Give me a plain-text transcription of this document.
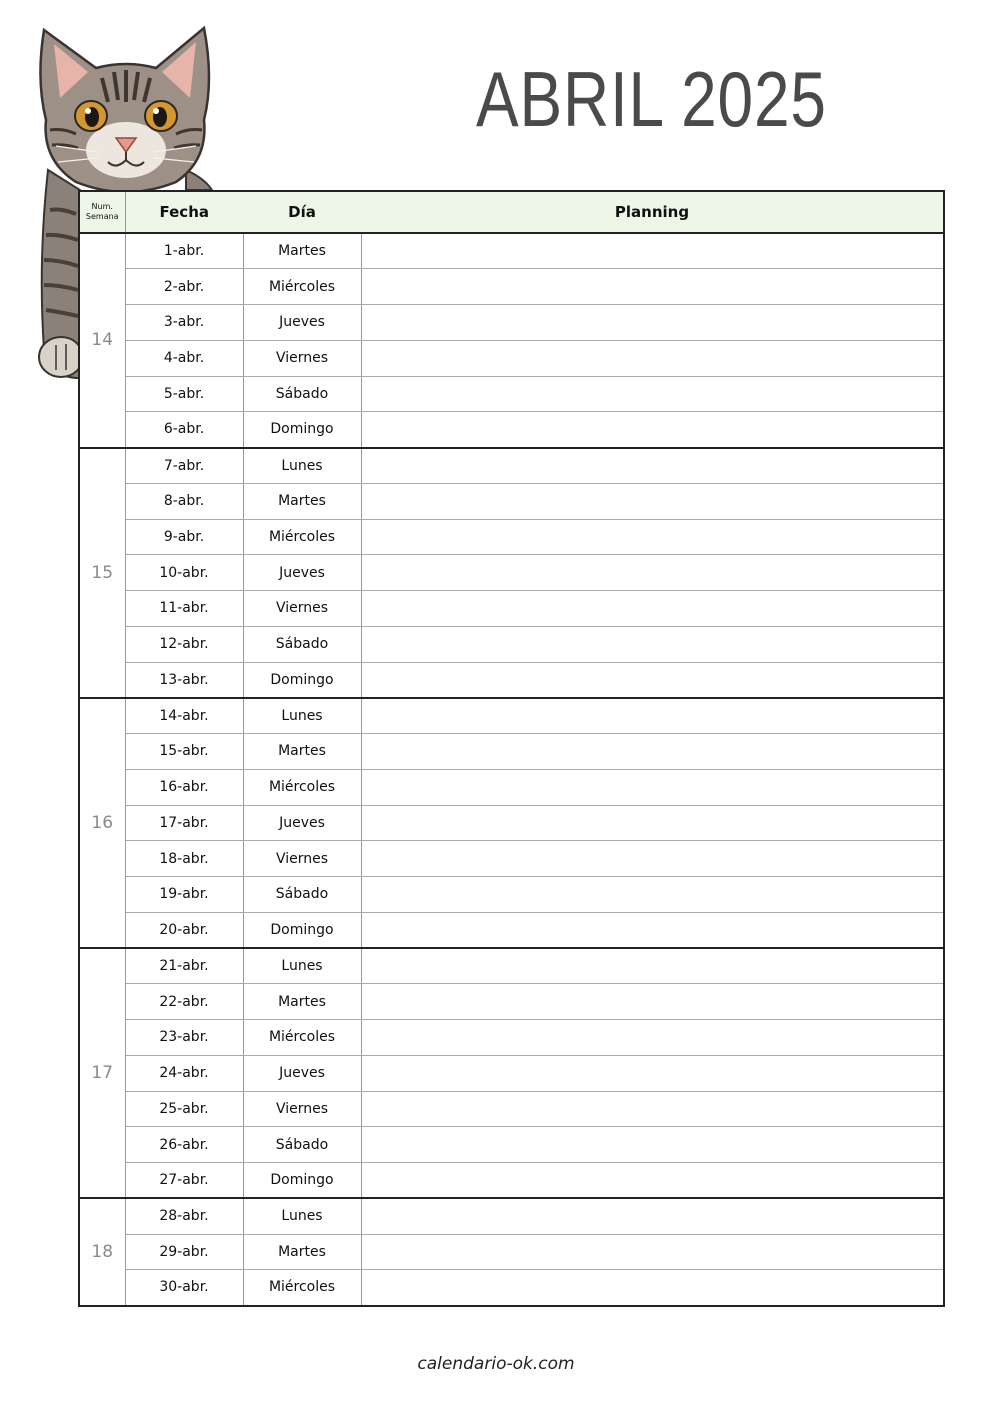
ABRIL 2025
Num.
Semana	Fecha	Día	Planning
14	1-abr.	Martes	
	2-abr.	Miércoles	
	3-abr.	Jueves	
	4-abr.	Viernes	
	5-abr.	Sábado	
	6-abr.	Domingo	
15	7-abr.	Lunes	
	8-abr.	Martes	
	9-abr.	Miércoles	
	10-abr.	Jueves	
	11-abr.	Viernes	
	12-abr.	Sábado	
	13-abr.	Domingo	
16	14-abr.	Lunes	
	15-abr.	Martes	
	16-abr.	Miércoles	
	17-abr.	Jueves	
	18-abr.	Viernes	
	19-abr.	Sábado	
	20-abr.	Domingo	
17	21-abr.	Lunes	
	22-abr.	Martes	
	23-abr.	Miércoles	
	24-abr.	Jueves	
	25-abr.	Viernes	
	26-abr.	Sábado	
	27-abr.	Domingo	
18	28-abr.	Lunes	
	29-abr.	Martes	
	30-abr.	Miércoles	
calendario-ok.com
